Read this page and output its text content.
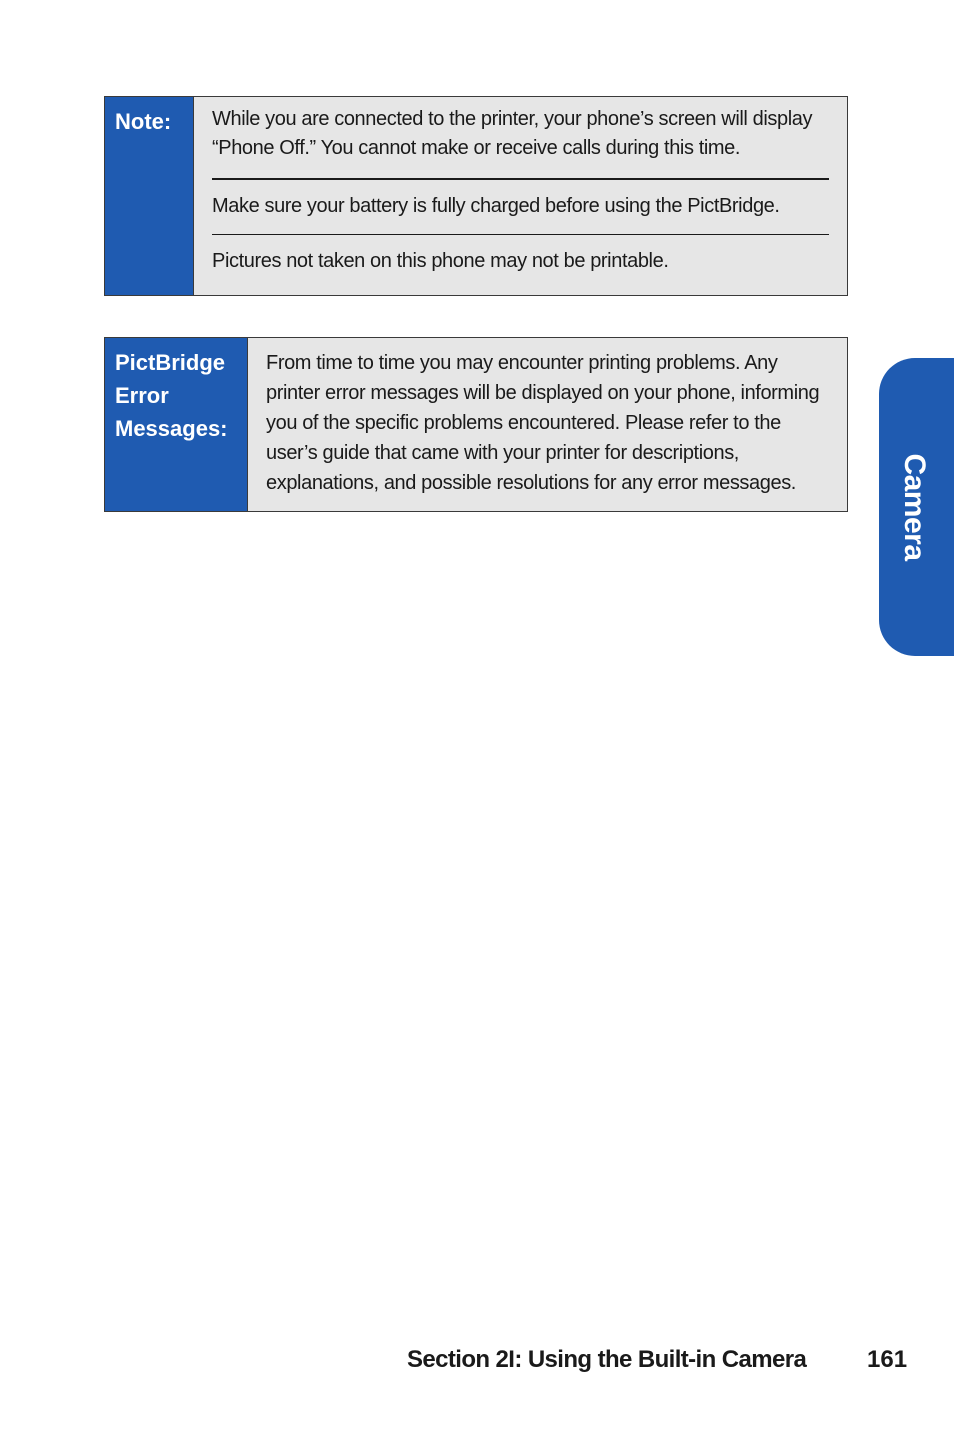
Note:	While you are connected to the printer, your phone’s screen will display “Phone Off.” You cannot make or receive calls during this time.
Make sure your battery is fully charged before using the PictBridge.
Pictures not taken on this phone may not be printable.
PictBridge
Error
Messages:
From time to time you may encounter printing problems. Any printer error messages will be displayed on your phone, informing you of the specific problems encountered. Please refer to the user’s guide that came with your printer for descriptions, explanations, and possible resolutions for any error messages.	Camera
Section 2I: Using the Built-in Camera	161
